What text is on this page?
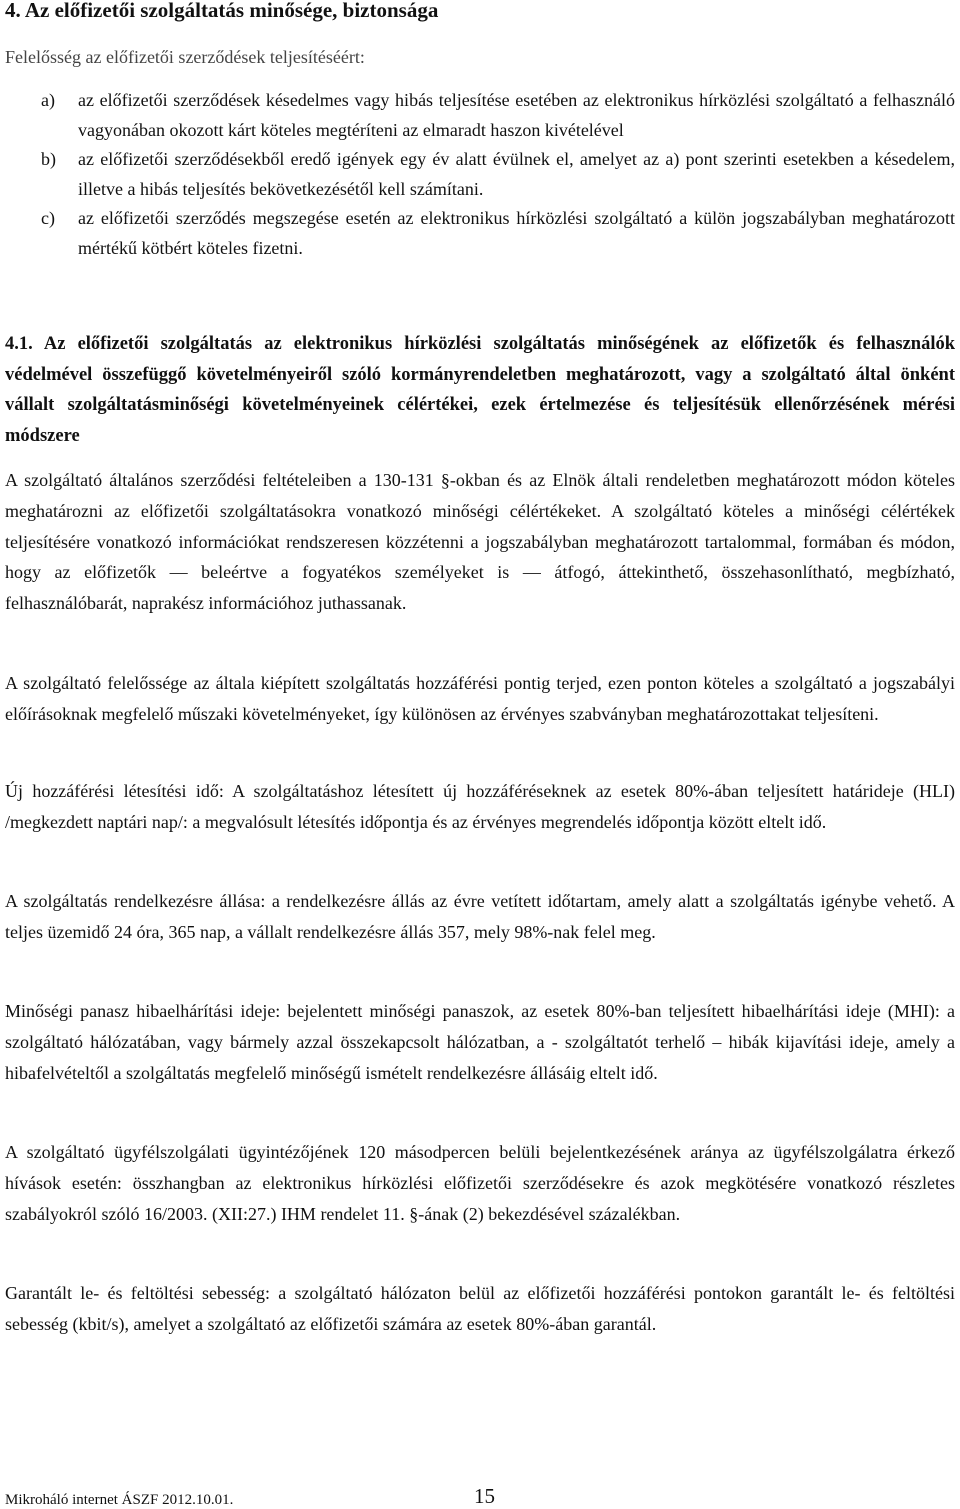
4. Az előfizetői szolgáltatás minősége, biztonsága
Felelősség az előfizetői szerződések teljesítéséért:
a) az előfizetői szerződések késedelmes vagy hibás teljesítése esetében az elektronikus hírközlési szolgáltató a felhasználó vagyonában okozott kárt köteles megtéríteni az elmaradt haszon kivételével
b) az előfizetői szerződésekből eredő igények egy év alatt évülnek el, amelyet az a) pont szerinti esetekben a késedelem, illetve a hibás teljesítés bekövetkezésétől kell számítani.
c) az előfizetői szerződés megszegése esetén az elektronikus hírközlési szolgáltató a külön jogszabályban meghatározott mértékű kötbért köteles fizetni.
4.1. Az előfizetői szolgáltatás az elektronikus hírközlési szolgáltatás minőségének az előfizetők és felhasználók védelmével összefüggő követelményeiről szóló kormányrendeletben meghatározott, vagy a szolgáltató által önként vállalt szolgáltatásminőségi követelményeinek célértékei, ezek értelmezése és teljesítésük ellenőrzésének mérési módszere
A szolgáltató általános szerződési feltételeiben a 130-131 §-okban és az Elnök általi rendeletben meghatározott módon köteles meghatározni az előfizetői szolgáltatásokra vonatkozó minőségi célértékeket. A szolgáltató köteles a minőségi célértékek teljesítésére vonatkozó információkat rendszeresen közzétenni a jogszabályban meghatározott tartalommal, formában és módon, hogy az előfizetők — beleértve a fogyatékos személyeket is — átfogó, áttekinthető, összehasonlítható, megbízható, felhasználóbarát, naprakész információhoz juthassanak.
A szolgáltató felelőssége az általa kiépített szolgáltatás hozzáférési pontig terjed, ezen ponton köteles a szolgáltató a jogszabályi előírásoknak megfelelő műszaki követelményeket, így különösen az érvényes szabványban meghatározottakat teljesíteni.
Új hozzáférési létesítési idő: A szolgáltatáshoz létesített új hozzáféréseknek az esetek 80%-ában teljesített határideje (HLI) /megkezdett naptári nap/: a megvalósult létesítés időpontja és az érvényes megrendelés időpontja között eltelt idő.
A szolgáltatás rendelkezésre állása: a rendelkezésre állás az évre vetített időtartam, amely alatt a szolgáltatás igénybe vehető. A teljes üzemidő 24 óra, 365 nap, a vállalt rendelkezésre állás 357, mely 98%-nak felel meg.
Minőségi panasz hibaelhárítási ideje: bejelentett minőségi panaszok, az esetek 80%-ban teljesített hibaelhárítási ideje (MHI): a szolgáltató hálózatában, vagy bármely azzal összekapcsolt hálózatban, a - szolgáltatót terhelő – hibák kijavítási ideje, amely a hibafelvételtől a szolgáltatás megfelelő minőségű ismételt rendelkezésre állásáig eltelt idő.
A szolgáltató ügyfélszolgálati ügyintézőjének 120 másodpercen belüli bejelentkezésének aránya az ügyfélszolgálatra érkező hívások esetén: összhangban az elektronikus hírközlési előfizetői szerződésekre és azok megkötésére vonatkozó részletes szabályokról szóló 16/2003. (XII:27.) IHM rendelet 11. §-ának (2) bekezdésével százalékban.
Garantált le- és feltöltési sebesség: a szolgáltató hálózaton belül az előfizetői hozzáférési pontokon garantált le- és feltöltési sebesség (kbit/s), amelyet a szolgáltató az előfizetői számára az esetek 80%-ában garantál.
Mikroháló internet ÁSZF 2012.10.01.	15
